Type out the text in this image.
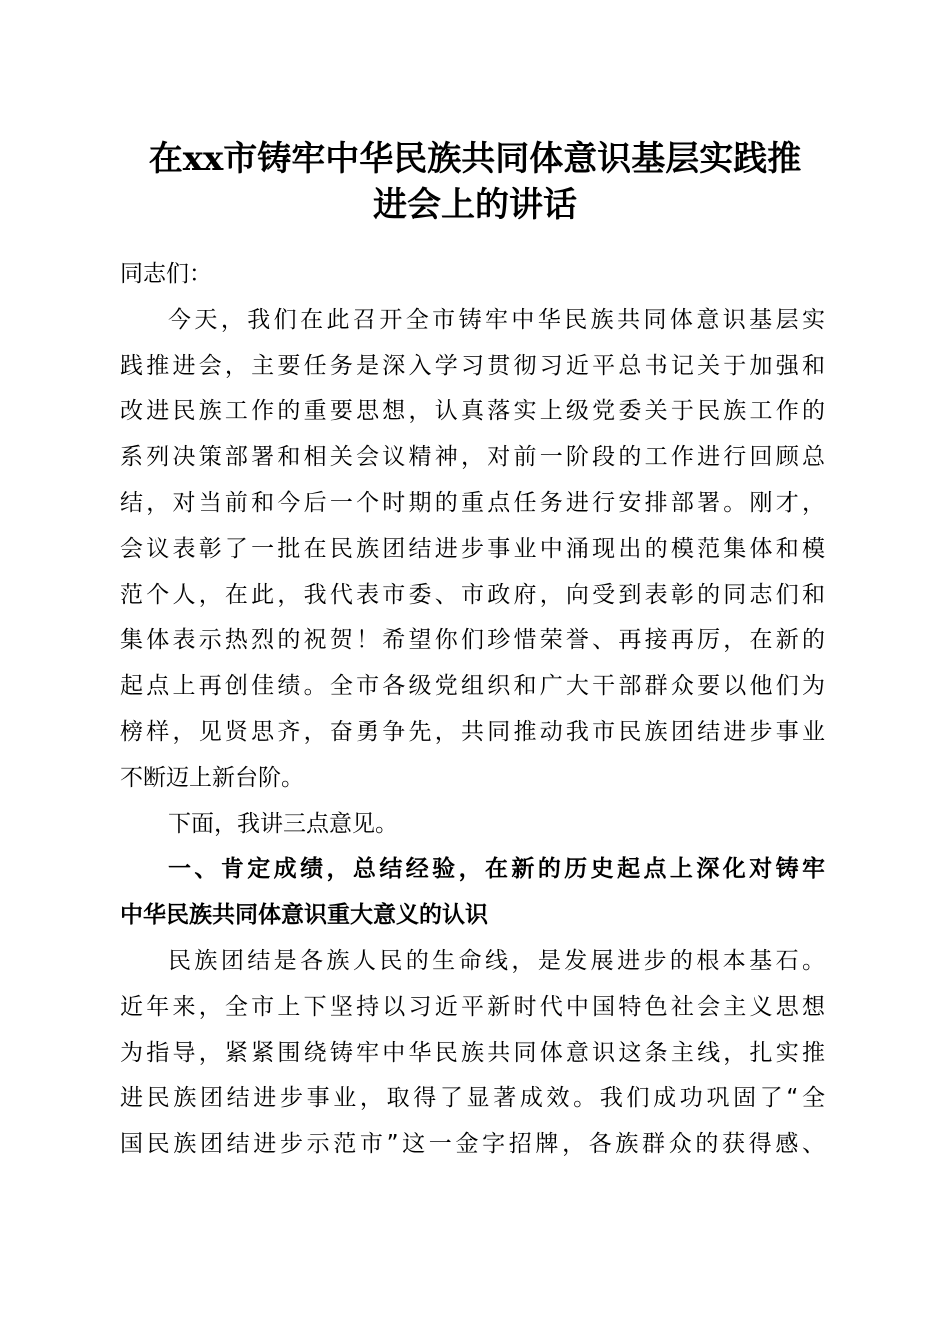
在xx市铸牢中华民族共同体意识基层实践推
进会上的讲话
同志们：
今天，我们在此召开全市铸牢中华民族共同体意识基层实
践推进会，主要任务是深入学习贯彻习近平总书记关于加强和
改进民族工作的重要思想，认真落实上级党委关于民族工作的
系列决策部署和相关会议精神，对前一阶段的工作进行回顾总
结，对当前和今后一个时期的重点任务进行安排部署。刚才，
会议表彰了一批在民族团结进步事业中涌现出的模范集体和模
范个人，在此，我代表市委、市政府，向受到表彰的同志们和
集体表示热烈的祝贺！希望你们珍惜荣誉、再接再厉，在新的
起点上再创佳绩。全市各级党组织和广大干部群众要以他们为
榜样，见贤思齐，奋勇争先，共同推动我市民族团结进步事业
不断迈上新台阶。
下面，我讲三点意见。
一、肯定成绩，总结经验，在新的历史起点上深化对铸牢
中华民族共同体意识重大意义的认识
民族团结是各族人民的生命线，是发展进步的根本基石。
近年来，全市上下坚持以习近平新时代中国特色社会主义思想
为指导，紧紧围绕铸牢中华民族共同体意识这条主线，扎实推
进民族团结进步事业，取得了显著成效。我们成功巩固了“全
国民族团结进步示范市”这一金字招牌，各族群众的获得感、
